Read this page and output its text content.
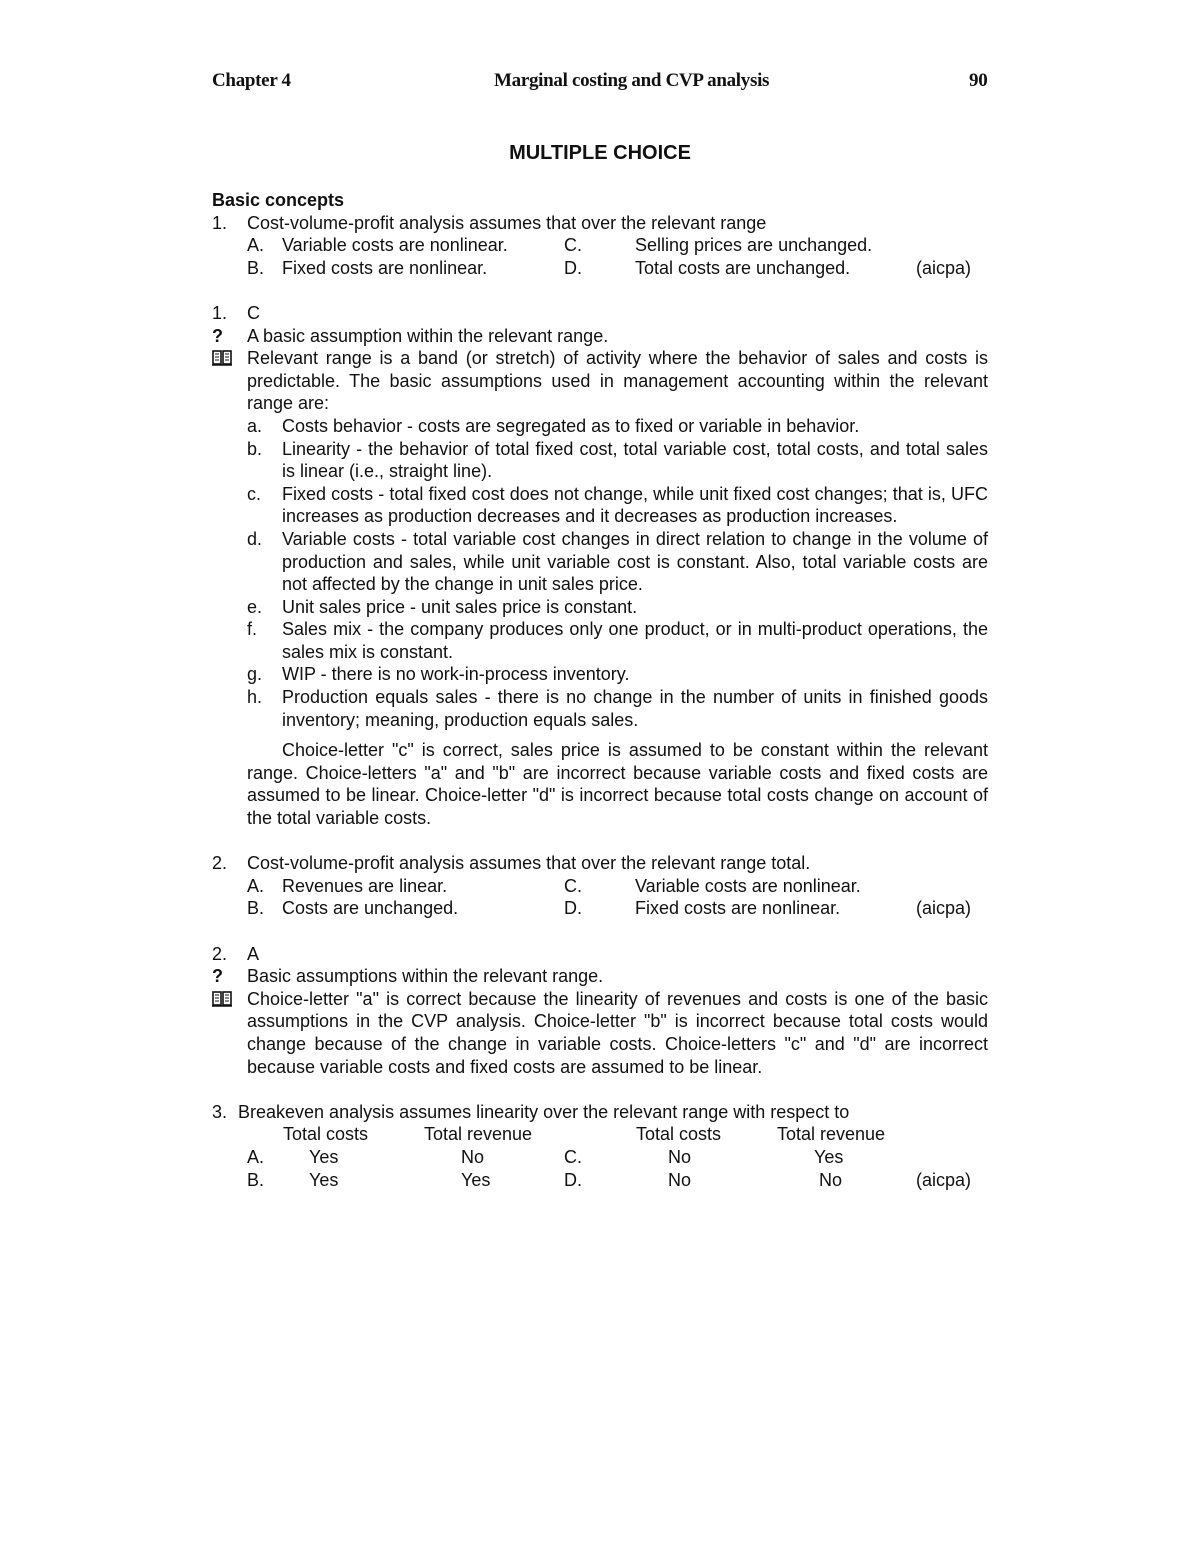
Chapter 4	Marginal costing and CVP analysis	90
MULTIPLE CHOICE
Basic concepts
1.	Cost-volume-profit analysis assumes that over the relevant range
A. Variable costs are nonlinear.	C.	Selling prices are unchanged.
B. Fixed costs are nonlinear.	D.	Total costs are unchanged.	(aicpa)
1.	C
?	A basic assumption within the relevant range.
Relevant range is a band (or stretch) of activity where the behavior of sales and costs is predictable. The basic assumptions used in management accounting within the relevant range are:
a.	Costs behavior - costs are segregated as to fixed or variable in behavior.
b.	Linearity - the behavior of total fixed cost, total variable cost, total costs, and total sales is linear (i.e., straight line).
c.	Fixed costs - total fixed cost does not change, while unit fixed cost changes; that is, UFC increases as production decreases and it decreases as production increases.
d.	Variable costs - total variable cost changes in direct relation to change in the volume of production and sales, while unit variable cost is constant. Also, total variable costs are not affected by the change in unit sales price.
e.	Unit sales price - unit sales price is constant.
f.	Sales mix - the company produces only one product, or in multi-product operations, the sales mix is constant.
g.	WIP - there is no work-in-process inventory.
h.	Production equals sales - there is no change in the number of units in finished goods inventory; meaning, production equals sales.
Choice-letter "c" is correct, sales price is assumed to be constant within the relevant range. Choice-letters "a" and "b" are incorrect because variable costs and fixed costs are assumed to be linear. Choice-letter "d" is incorrect because total costs change on account of the total variable costs.
2.	Cost-volume-profit analysis assumes that over the relevant range total.
A. Revenues are linear.	C.	Variable costs are nonlinear.
B. Costs are unchanged.	D.	Fixed costs are nonlinear.	(aicpa)
2.	A
?	Basic assumptions within the relevant range.
Choice-letter "a" is correct because the linearity of revenues and costs is one of the basic assumptions in the CVP analysis. Choice-letter "b" is incorrect because total costs would change because of the change in variable costs. Choice-letters "c" and "d" are incorrect because variable costs and fixed costs are assumed to be linear.
3. Breakeven analysis assumes linearity over the relevant range with respect to
Total costs	Total revenue	Total costs	Total revenue
A. Yes	No	C.	No	Yes
B. Yes	Yes	D.	No	No	(aicpa)
